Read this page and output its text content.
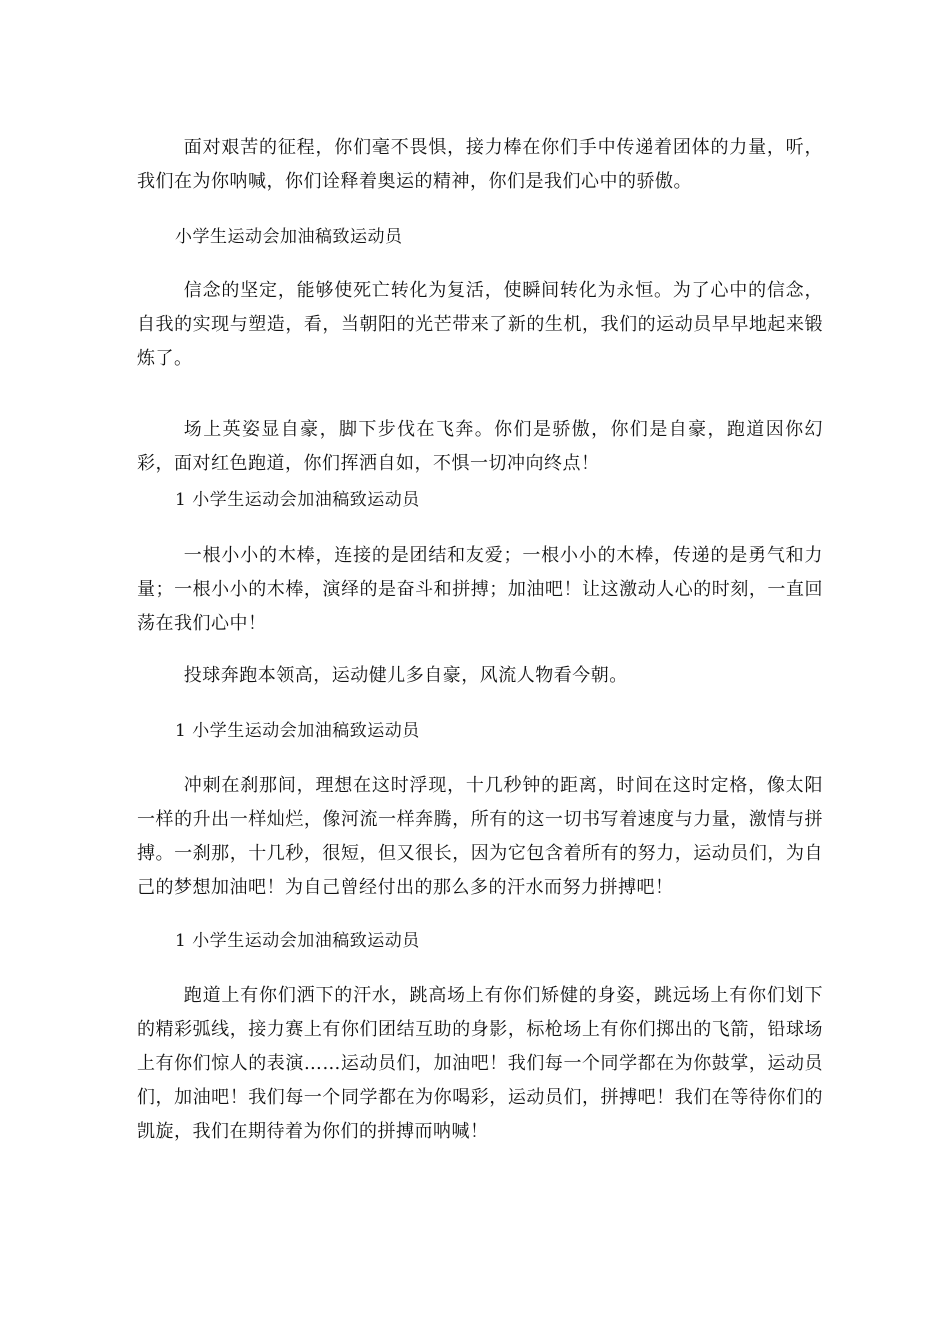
面对艰苦的征程，你们毫不畏惧，接力棒在你们手中传递着团体的力量，听，我们在为你呐喊，你们诠释着奥运的精神，你们是我们心中的骄傲。

小学生运动会加油稿致运动员

信念的坚定，能够使死亡转化为复活，使瞬间转化为永恒。为了心中的信念，自我的实现与塑造，看，当朝阳的光芒带来了新的生机，我们的运动员早早地起来锻炼了。

场上英姿显自豪，脚下步伐在飞奔。你们是骄傲，你们是自豪，跑道因你幻彩，面对红色跑道，你们挥洒自如，不惧一切冲向终点！

1 小学生运动会加油稿致运动员

一根小小的木棒，连接的是团结和友爱；一根小小的木棒，传递的是勇气和力量；一根小小的木棒，演绎的是奋斗和拼搏；加油吧！让这激动人心的时刻，一直回荡在我们心中！

投球奔跑本领高，运动健儿多自豪，风流人物看今朝。

1 小学生运动会加油稿致运动员

冲刺在刹那间，理想在这时浮现，十几秒钟的距离，时间在这时定格，像太阳一样的升出一样灿烂，像河流一样奔腾，所有的这一切书写着速度与力量，激情与拼搏。一刹那，十几秒，很短，但又很长，因为它包含着所有的努力，运动员们，为自己的梦想加油吧！为自己曾经付出的那么多的汗水而努力拼搏吧！

1 小学生运动会加油稿致运动员

跑道上有你们洒下的汗水，跳高场上有你们矫健的身姿，跳远场上有你们划下的精彩弧线，接力赛上有你们团结互助的身影，标枪场上有你们掷出的飞箭，铅球场上有你们惊人的表演……运动员们，加油吧！我们每一个同学都在为你鼓掌，运动员们，加油吧！我们每一个同学都在为你喝彩，运动员们，拼搏吧！我们在等待你们的凯旋，我们在期待着为你们的拼搏而呐喊！
